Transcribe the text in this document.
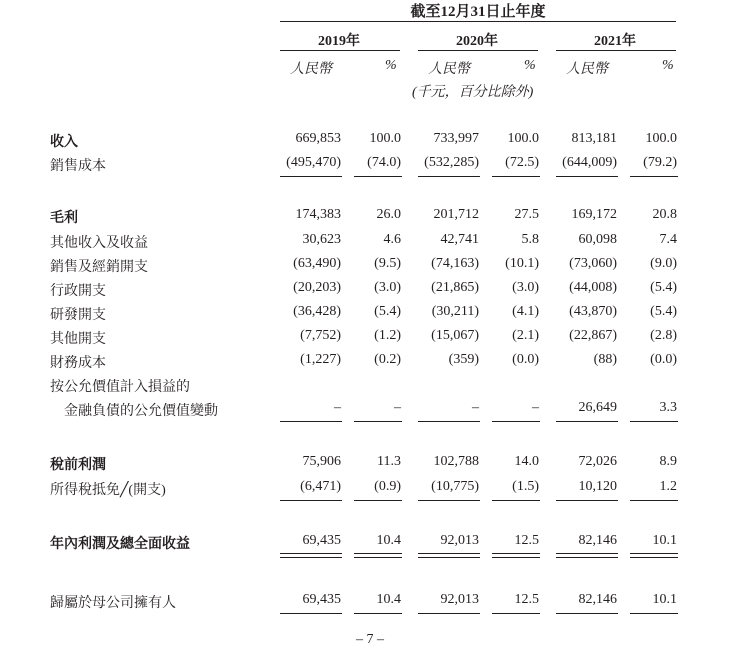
截至12月31日止年度
2019年	2020年	2021年
人民幣	% 人民幣	% 人民幣	%
(千元，百分比除外)
收入	669,853	100.0	733,997	100.0	813,181	100.0
銷售成本	(495,470)	(74.0)	(532,285)	(72.5)	(644,009)	(79.2)
毛利	174,383	26.0	201,712	27.5	169,172	20.8
其他收入及收益	30,623	4.6	42,741	5.8	60,098	7.4
銷售及經銷開支	(63,490)	(9.5)	(74,163)	(10.1)	(73,060)	(9.0)
行政開支	(20,203)	(3.0)	(21,865)	(3.0)	(44,008)	(5.4)
研發開支	(36,428)	(5.4)	(30,211)	(4.1)	(43,870)	(5.4)
其他開支	(7,752)	(1.2)	(15,067)	(2.1)	(22,867)	(2.8)
財務成本	(1,227)	(0.2)	(359)	(0.0)	(88)	(0.0)
按公允價值計入損益的
金融負債的公允價值變動	–	–	–	–	26,649	3.3
稅前利潤	75,906	11.3	102,788	14.0	72,026	8.9
所得稅抵免╱(開支)	(6,471)	(0.9)	(10,775)	(1.5)	10,120	1.2
年內利潤及總全面收益	69,435	10.4	92,013	12.5	82,146	10.1
歸屬於母公司擁有人	69,435	10.4	92,013	12.5	82,146	10.1
– 7 –
